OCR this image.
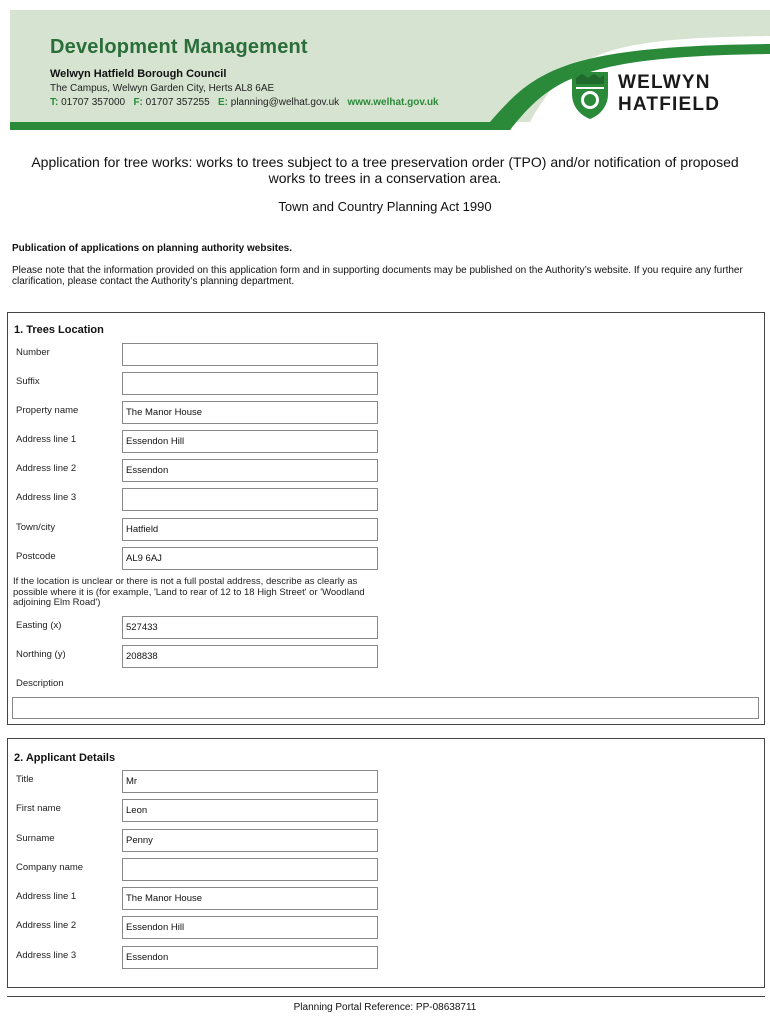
Development Management
Welwyn Hatfield Borough Council
The Campus, Welwyn Garden City, Herts AL8 6AE
T: 01707 357000 F: 01707 357255 E: planning@welhat.gov.uk www.welhat.gov.uk
WELWYN
HATFIELD
Application for tree works: works to trees subject to a tree preservation order (TPO) and/or notification of proposed works to trees in a conservation area.
Town and Country Planning Act 1990
Publication of applications on planning authority websites.
Please note that the information provided on this application form and in supporting documents may be published on the Authority’s website. If you require any further clarification, please contact the Authority’s planning department.
1. Trees Location
Number
Suffix
Property name	The Manor House
Address line 1	Essendon Hill
Address line 2	Essendon
Address line 3
Town/city	Hatfield
Postcode	AL9 6AJ
If the location is unclear or there is not a full postal address, describe as clearly as possible where it is (for example, 'Land to rear of 12 to 18 High Street' or 'Woodland adjoining Elm Road')
Easting (x)	527433
Northing (y)	208838
Description
2. Applicant Details
Title	Mr
First name	Leon
Surname	Penny
Company name
Address line 1	The Manor House
Address line 2	Essendon Hill
Address line 3	Essendon
Planning Portal Reference: PP-08638711
